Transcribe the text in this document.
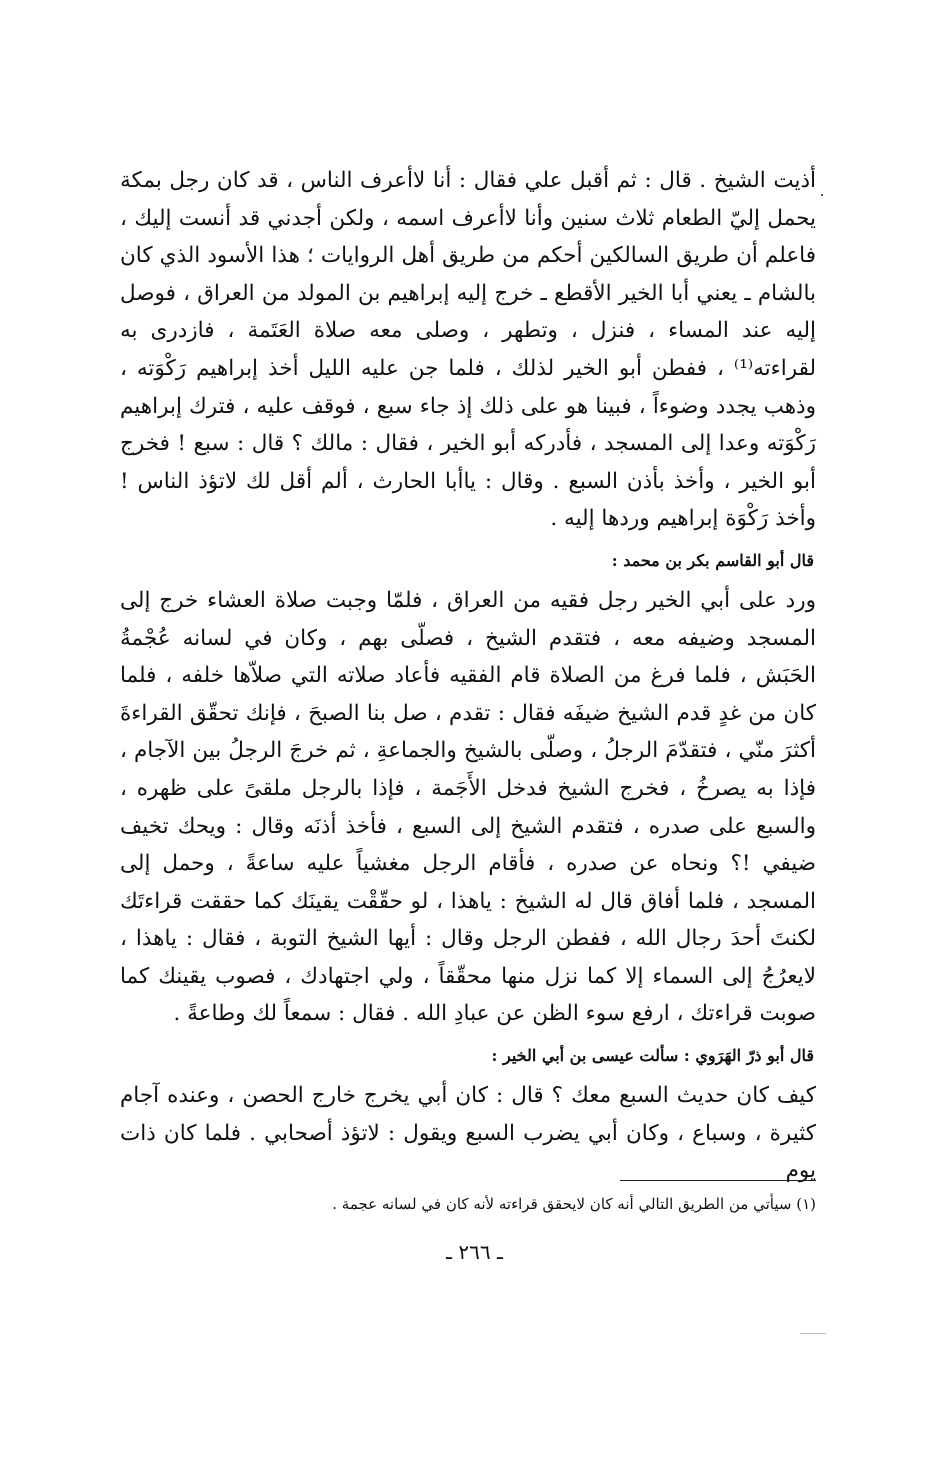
أذيت الشيخ . قال : ثم أقبل علي فقال : أنا لاأعرف الناس ، قد كان رجل بمكة يحمل إليّ الطعام ثلاث سنين وأنا لاأعرف اسمه ، ولكن أجدني قد أنست إليك ، فاعلم أن طريق السالكين أحكم من طريق أهل الروايات ؛ هذا الأسود الذي كان بالشام ـ يعني أبا الخير الأقطع ـ خرج إليه إبراهيم بن المولد من العراق ، فوصل إليه عند المساء ، فنزل ، وتطهر ، وصلى معه صلاة العَتَمة ، فازدرى به لقراءته⁽¹⁾ ، ففطن أبو الخير لذلك ، فلما جن عليه الليل أخذ إبراهيم رَكْوَته ، وذهب يجدد وضوءاً ، فبينا هو على ذلك إذ جاء سبع ، فوقف عليه ، فترك إبراهيم رَكْوَته وعدا إلى المسجد ، فأدركه أبو الخير ، فقال : مالك ؟ قال : سبع ! فخرج أبو الخير ، وأخذ بأذن السبع . وقال : ياأبا الحارث ، ألم أقل لك لاتؤذ الناس ! وأخذ رَكْوَة إبراهيم وردها إليه .

قال أبو القاسم بكر بن محمد :

ورد على أبي الخير رجل فقيه من العراق ، فلمّا وجبت صلاة العشاء خرج إلى المسجد وضيفه معه ، فتقدم الشيخ ، فصلّى بهم ، وكان في لسانه عُجْمةُ الحَبَش ، فلما فرغ من الصلاة قام الفقيه فأعاد صلاته التي صلاّها خلفه ، فلما كان من غدٍ قدم الشيخ ضيفَه فقال : تقدم ، صل بنا الصبحَ ، فإنك تحقّق القراءةَ أكثرَ منّي ، فتقدّمَ الرجلُ ، وصلّى بالشيخ والجماعةِ ، ثم خرجَ الرجلُ بين الآجام ، فإذا به يصرخُ ، فخرج الشيخ فدخل الأَجَمة ، فإذا بالرجل ملقىً على ظهره ، والسبع على صدره ، فتقدم الشيخ إلى السبع ، فأخذ أذنَه وقال : ويحك تخيف ضيفي !؟ ونحاه عن صدره ، فأقام الرجل مغشياً عليه ساعةً ، وحمل إلى المسجد ، فلما أفاق قال له الشيخ : ياهذا ، لو حقّقْت يقينَك كما حققت قراءتَك لكنتَ أحدَ رجال الله ، ففطن الرجل وقال : أيها الشيخ التوبة ، فقال : ياهذا ، لايعرُجُ إلى السماء إلا كما نزل منها محقّقاً ، ولي اجتهادك ، فصوب يقينك كما صوبت قراءتك ، ارفع سوء الظن عن عبادِ الله . فقال : سمعاً لك وطاعةً .

قال أبو ذرّ الهَرَوي : سألت عيسى بن أبي الخير :

كيف كان حديث السبع معك ؟ قال : كان أبي يخرج خارج الحصن ، وعنده آجام كثيرة ، وسباع ، وكان أبي يضرب السبع ويقول : لاتؤذ أصحابي . فلما كان ذات يوم

(١) سيأتي من الطريق التالي أنه كان لايحقق قراءته لأنه كان في لسانه عجمة .
ـ ٢٦٦ ـ
